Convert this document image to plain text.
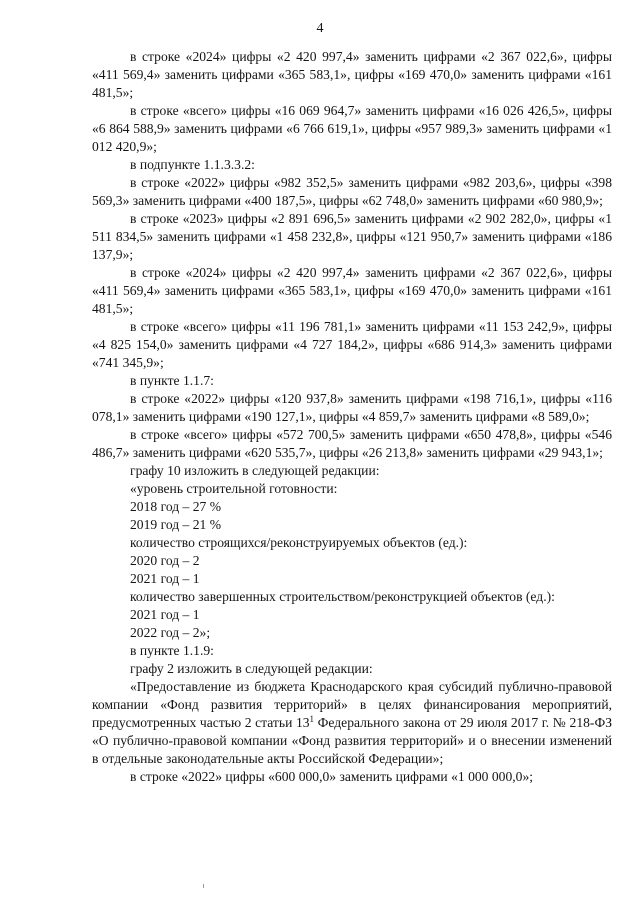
4

в строке «2024» цифры «2 420 997,4» заменить цифрами «2 367 022,6», цифры «411 569,4» заменить цифрами «365 583,1», цифры «169 470,0» заменить цифрами «161 481,5»;

в строке «всего» цифры «16 069 964,7» заменить цифрами «16 026 426,5», цифры «6 864 588,9» заменить цифрами «6 766 619,1», цифры «957 989,3» заменить цифрами «1 012 420,9»;

в подпункте 1.1.3.3.2:

в строке «2022» цифры «982 352,5» заменить цифрами «982 203,6», цифры «398 569,3» заменить цифрами «400 187,5», цифры «62 748,0» заменить цифрами «60 980,9»;

в строке «2023» цифры «2 891 696,5» заменить цифрами «2 902 282,0», цифры «1 511 834,5» заменить цифрами «1 458 232,8», цифры «121 950,7» заменить цифрами «186 137,9»;

в строке «2024» цифры «2 420 997,4» заменить цифрами «2 367 022,6», цифры «411 569,4» заменить цифрами «365 583,1», цифры «169 470,0» заменить цифрами «161 481,5»;

в строке «всего» цифры «11 196 781,1» заменить цифрами «11 153 242,9», цифры «4 825 154,0» заменить цифрами «4 727 184,2», цифры «686 914,3» заменить цифрами «741 345,9»;

в пункте 1.1.7:

в строке «2022» цифры «120 937,8» заменить цифрами «198 716,1», цифры «116 078,1» заменить цифрами «190 127,1», цифры «4 859,7» заменить цифрами «8 589,0»;

в строке «всего» цифры «572 700,5» заменить цифрами «650 478,8», цифры «546 486,7» заменить цифрами «620 535,7», цифры «26 213,8» заменить цифрами «29 943,1»;

графу 10 изложить в следующей редакции:

«уровень строительной готовности:

2018 год – 27 %

2019 год – 21 %

количество строящихся/реконструируемых объектов (ед.):

2020 год – 2

2021 год – 1

количество завершенных строительством/реконструкцией объектов (ед.):

2021 год – 1

2022 год – 2»;

в пункте 1.1.9:

графу 2 изложить в следующей редакции:

«Предоставление из бюджета Краснодарского края субсидий публично-правовой компании «Фонд развития территорий» в целях финансирования мероприятий, предусмотренных частью 2 статьи $13^1$ Федерального закона от 29 июля 2017 г. № 218-ФЗ «О публично-правовой компании «Фонд развития территорий» и о внесении изменений в отдельные законодательные акты Российской Федерации»;

в строке «2022» цифры «600 000,0» заменить цифрами «1 000 000,0»;
